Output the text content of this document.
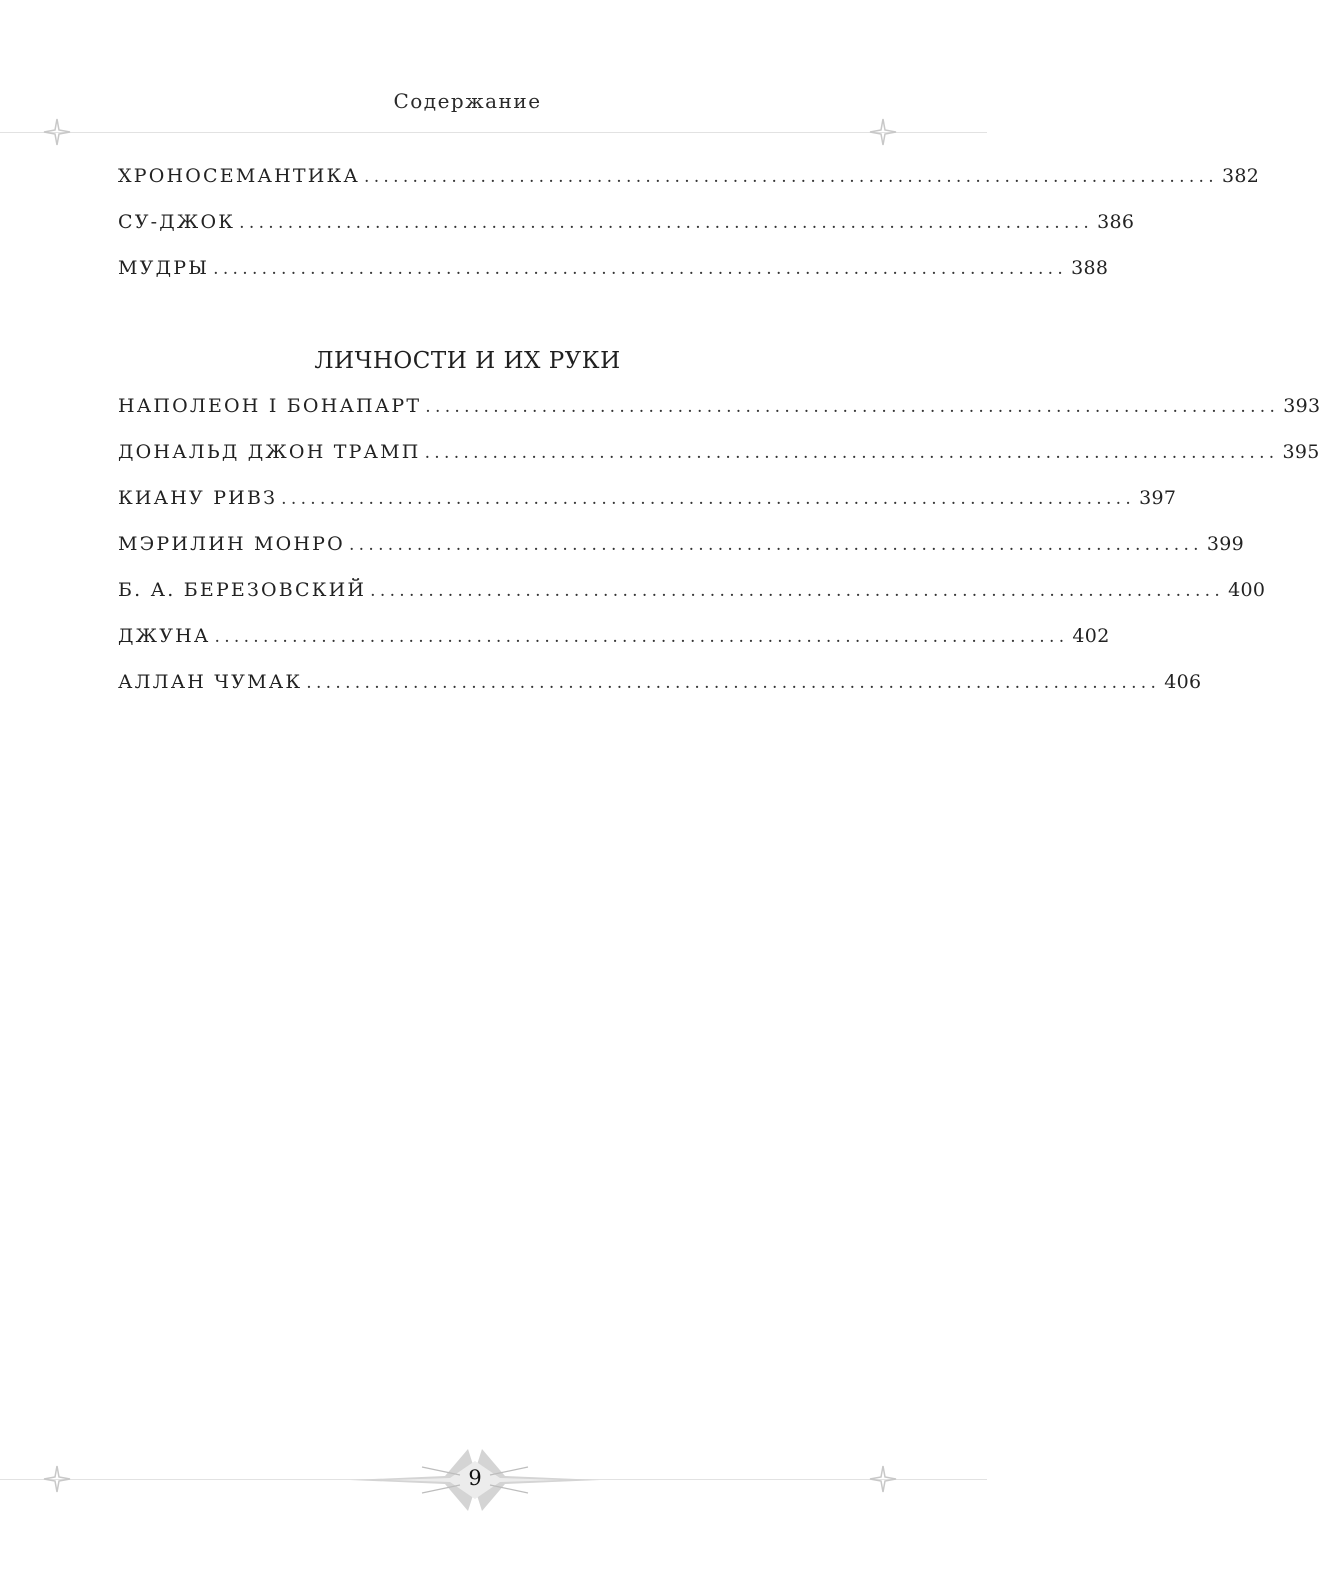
Содержание
ХРОНОСЕМАНТИКА ........................................................................................ 382
СУ-ДЖОК ........................................................................................ 386
МУДРЫ ........................................................................................ 388
ЛИЧНОСТИ И ИХ РУКИ
НАПОЛЕОН I БОНАПАРТ ........................................................................................ 393
ДОНАЛЬД ДЖОН ТРАМП ........................................................................................ 395
КИАНУ РИВЗ ........................................................................................ 397
МЭРИЛИН МОНРО ........................................................................................ 399
Б. А. БЕРЕЗОВСКИЙ ........................................................................................ 400
ДЖУНА ........................................................................................ 402
АЛЛАН ЧУМАК ........................................................................................ 406
9
